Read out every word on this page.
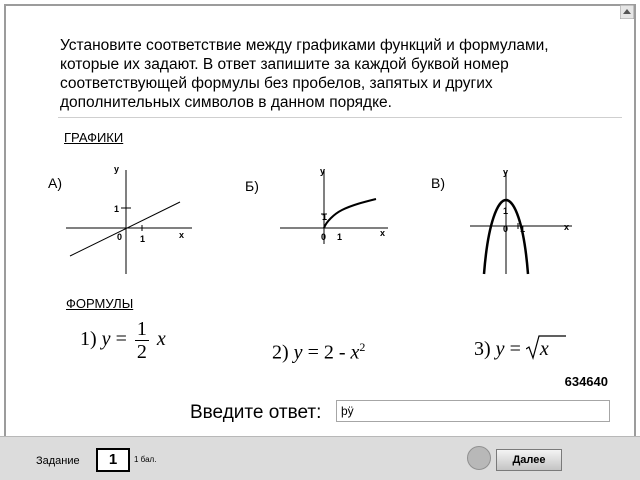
Установите соответствие между графиками функций и формулами, которые их задают. В ответ запишите за каждой буквой номер соответствующей формулы без пробелов, запятых и других дополнительных символов в данном порядке.
ГРАФИКИ
А)
y
x
1
0 1
Б)
y
x
1
0 1
В)
y
x
1
0 1
ФОРМУЛЫ
1) $y = \frac{1}{2}$ x
2) $y = 2 - x^2$	3) y = x
634640
Введите ответ:
þÿ
Задание	1	1 бал.	Далее
